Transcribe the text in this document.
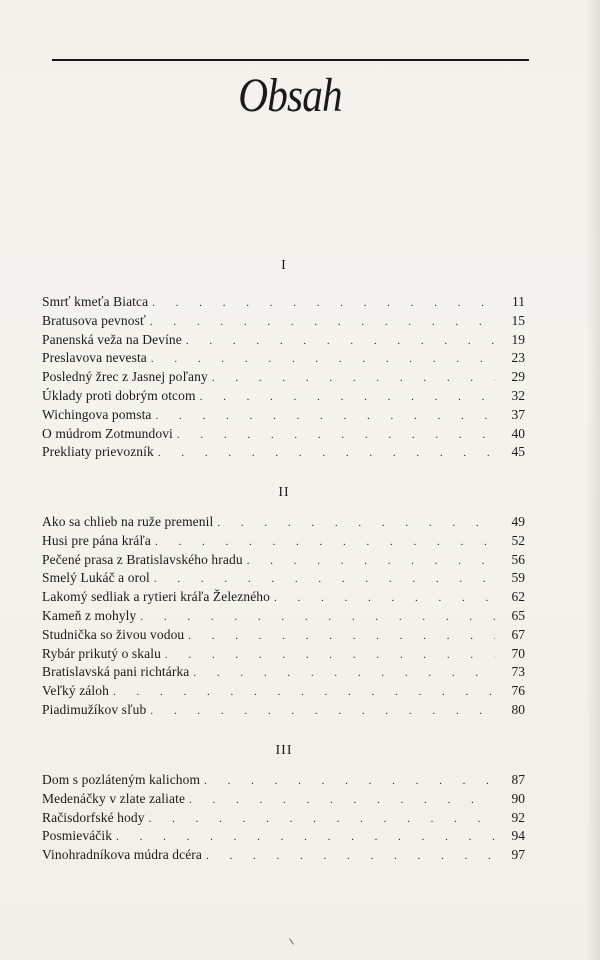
Obsah
I
Smrť kmeťa Biatca . . .	11
Bratusova pevnosť . . .	15
Panenská veža na Devíne . . .	19
Preslavova nevesta . . .	23
Posledný žrec z Jasnej poľany . . .	29
Úklady proti dobrým otcom . . .	32
Wichingova pomsta . . .	37
O múdrom Zotmundovi . . .	40
Prekliaty prievozník . . .	45
II
Ako sa chlieb na ruže premenil . . .	49
Husi pre pána kráľa . . .	52
Pečené prasa z Bratislavského hradu . . .	56
Smelý Lukáč a orol . . .	59
Lakomý sedliak a rytieri kráľa Železného . . .	62
Kameň z mohyly . . .	65
Studnička so živou vodou . . .	67
Rybár prikutý o skalu . . .	70
Bratislavská pani richtárka . . .	73
Veľký záloh . . .	76
Piadimužíkov sľub . . .	80
III
Dom s pozláteným kalichom . . .	87
Medenáčky v zlate zaliate . . .	90
Račisdorfské hody . . .	92
Posmieváčik . . .	94
Vinohradníkova múdra dcéra . . .	97
